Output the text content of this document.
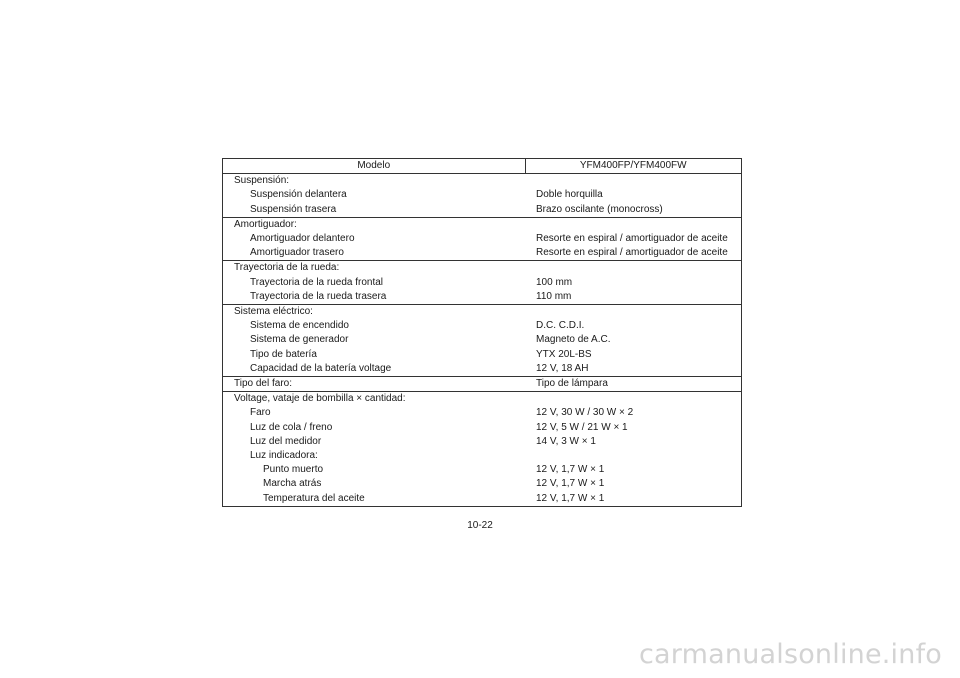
Modelo	YFM400FP/YFM400FW
Suspensión:	
Suspensión delantera	Doble horquilla
Suspensión trasera	Brazo oscilante (monocross)
Amortiguador:	
Amortiguador delantero	Resorte en espiral / amortiguador de aceite
Amortiguador trasero	Resorte en espiral / amortiguador de aceite
Trayectoria de la rueda:	
Trayectoria de la rueda frontal	100 mm
Trayectoria de la rueda trasera	110 mm
Sistema eléctrico:	
Sistema de encendido	D.C. C.D.I.
Sistema de generador	Magneto de A.C.
Tipo de batería	YTX 20L-BS
Capacidad de la batería voltage	12 V, 18 AH
Tipo del faro:	Tipo de lámpara
Voltage, vataje de bombilla × cantidad:	
Faro	12 V, 30 W / 30 W × 2
Luz de cola / freno	12 V, 5 W / 21 W × 1
Luz del medidor	14 V, 3 W × 1
Luz indicadora:	
Punto muerto	12 V, 1,7 W × 1
Marcha atrás	12 V, 1,7 W × 1
Temperatura del aceite	12 V, 1,7 W × 1
10-22
carmanualsonline.info
